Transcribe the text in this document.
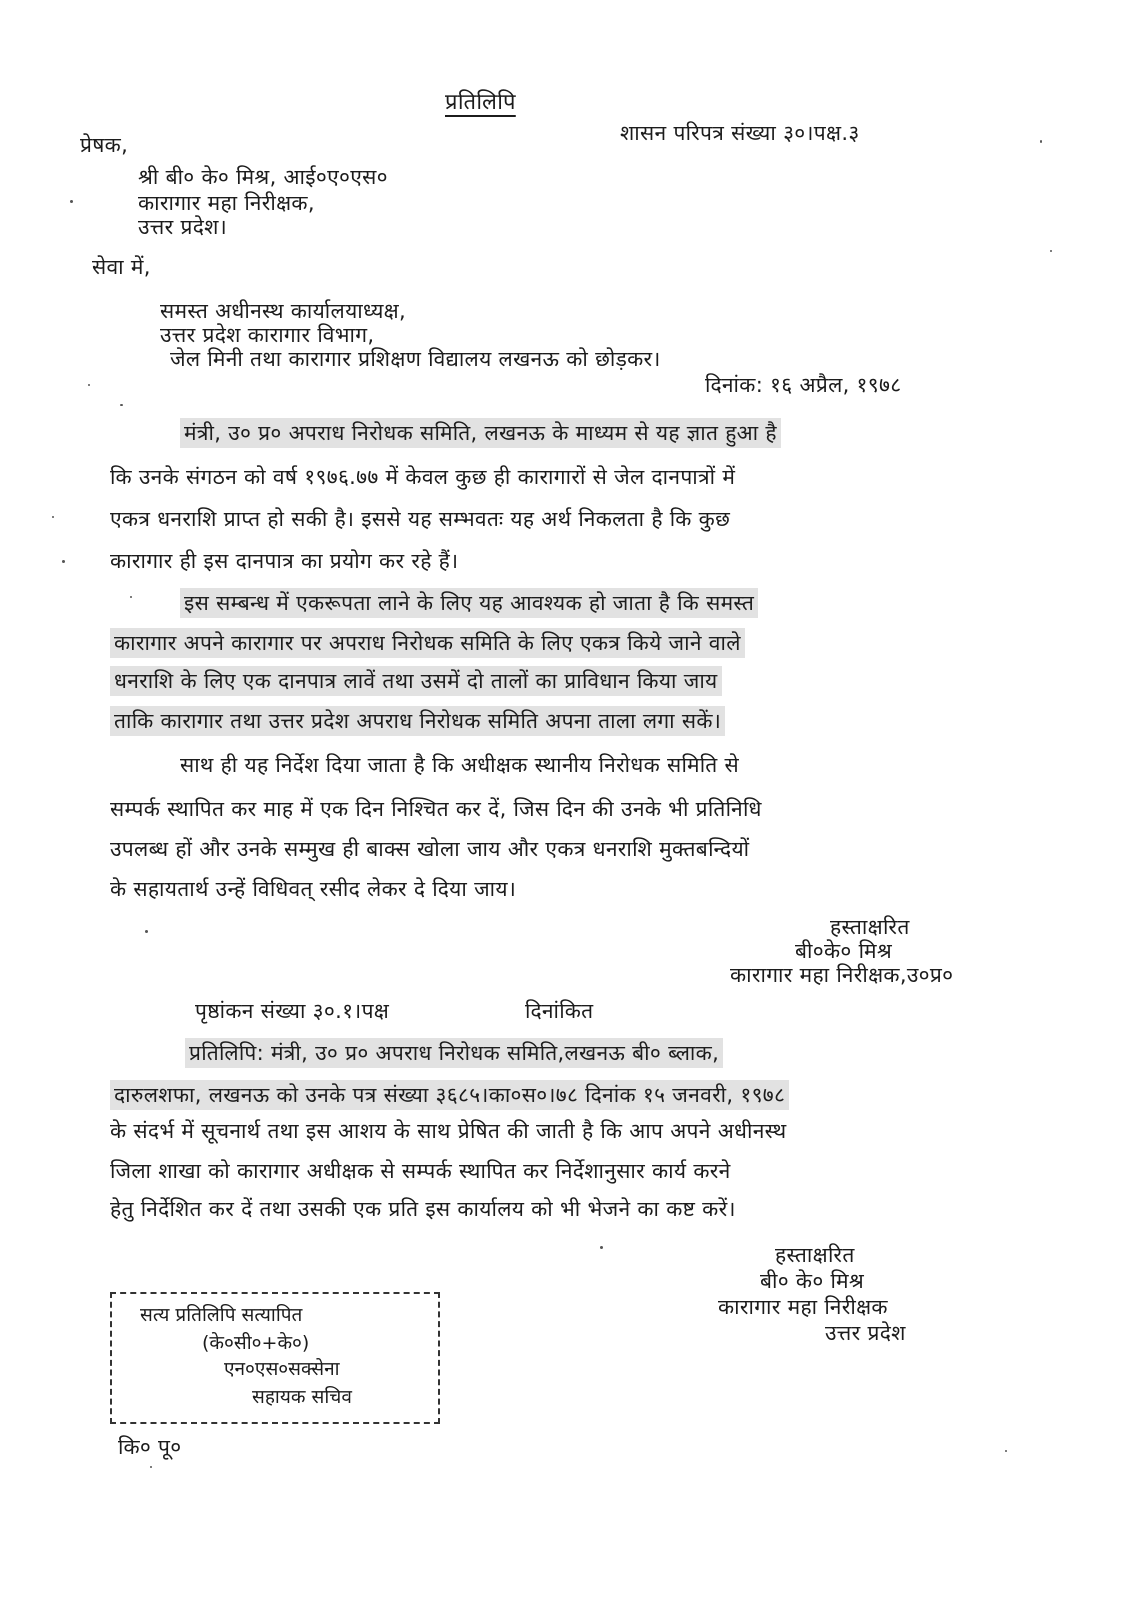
प्रतिलिपि
शासन परिपत्र संख्या ३०।पक्ष.३
प्रेषक,
श्री बी० के० मिश्र, आई०ए०एस०
कारागार महा निरीक्षक,
उत्तर प्रदेश।
सेवा में,
समस्त अधीनस्थ कार्यालयाध्यक्ष,
उत्तर प्रदेश कारागार विभाग,
जेल मिनी तथा कारागार प्रशिक्षण विद्यालय लखनऊ को छोड़कर।
दिनांक: १६ अप्रैल, १९७८
मंत्री, उ० प्र० अपराध निरोधक समिति, लखनऊ के माध्यम से यह ज्ञात हुआ है
कि उनके संगठन को वर्ष १९७६.७७ में केवल कुछ ही कारागारों से जेल दानपात्रों में
एकत्र धनराशि प्राप्त हो सकी है। इससे यह सम्भवतः यह अर्थ निकलता है कि कुछ
कारागार ही इस दानपात्र का प्रयोग कर रहे हैं।
इस सम्बन्ध में एकरूपता लाने के लिए यह आवश्यक हो जाता है कि समस्त
कारागार अपने कारागार पर अपराध निरोधक समिति के लिए एकत्र किये जाने वाले
धनराशि के लिए एक दानपात्र लावें तथा उसमें दो तालों का प्राविधान किया जाय
ताकि कारागार तथा उत्तर प्रदेश अपराध निरोधक समिति अपना ताला लगा सकें।
साथ ही यह निर्देश दिया जाता है कि अधीक्षक स्थानीय निरोधक समिति से
सम्पर्क स्थापित कर माह में एक दिन निश्चित कर दें, जिस दिन की उनके भी प्रतिनिधि
उपलब्ध हों और उनके सम्मुख ही बाक्स खोला जाय और एकत्र धनराशि मुक्तबन्दियों
के सहायतार्थ उन्हें विधिवत् रसीद लेकर दे दिया जाय।
हस्ताक्षरित
बी०के० मिश्र
कारागार महा निरीक्षक,उ०प्र०
पृष्ठांकन संख्या ३०.१।पक्ष	दिनांकित
प्रतिलिपि: मंत्री, उ० प्र० अपराध निरोधक समिति,लखनऊ बी० ब्लाक,
दारुलशफा, लखनऊ को उनके पत्र संख्या ३६८५।का०स०।७८ दिनांक १५ जनवरी, १९७८
के संदर्भ में सूचनार्थ तथा इस आशय के साथ प्रेषित की जाती है कि आप अपने अधीनस्थ
जिला शाखा को कारागार अधीक्षक से सम्पर्क स्थापित कर निर्देशानुसार कार्य करने
हेतु निर्देशित कर दें तथा उसकी एक प्रति इस कार्यालय को भी भेजने का कष्ट करें।
हस्ताक्षरित
बी० के० मिश्र
कारागार महा निरीक्षक
उत्तर प्रदेश
सत्य प्रतिलिपि सत्यापित
(के०सी०+के०)
एन०एस०सक्सेना
सहायक सचिव
कि० पू०
